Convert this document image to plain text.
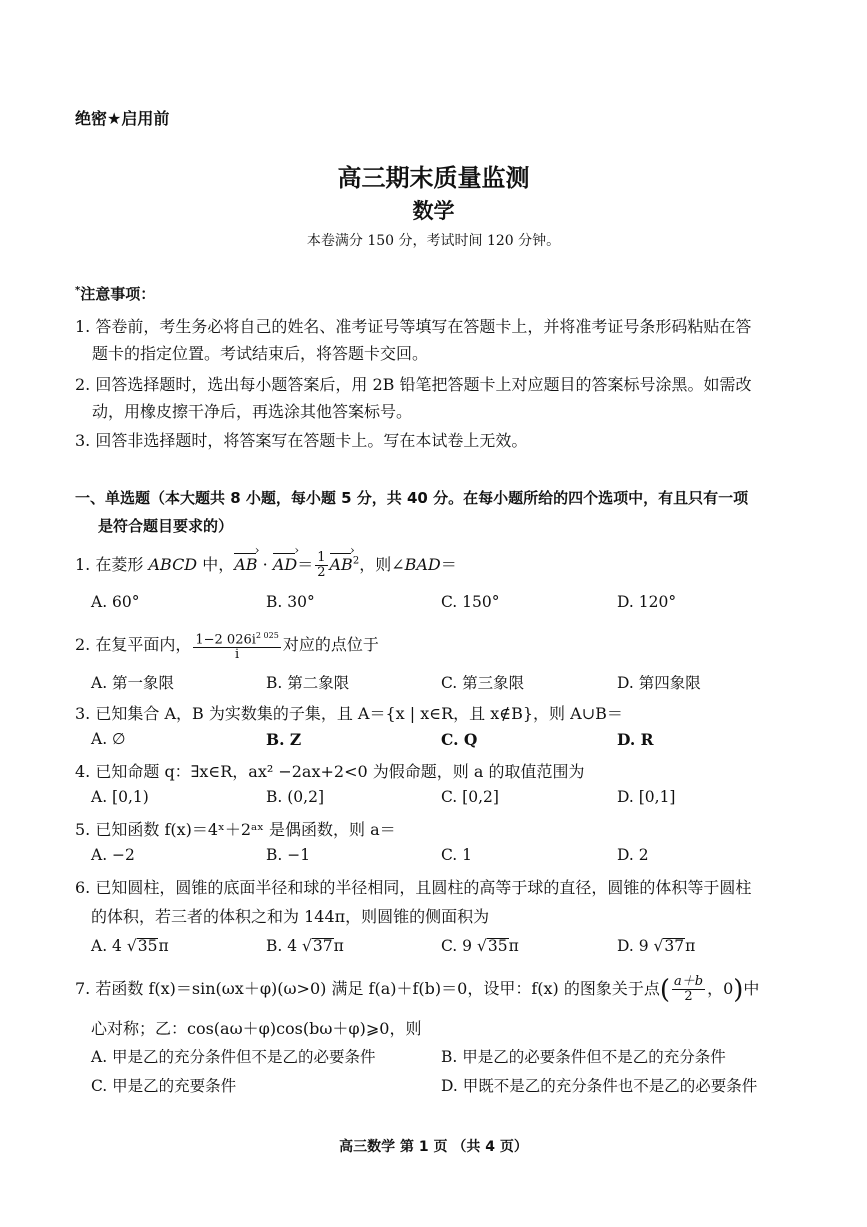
绝密★启用前
高三期末质量监测
数学
本卷满分 150 分，考试时间 120 分钟。
*注意事项：
1. 答卷前，考生务必将自己的姓名、准考证号等填写在答题卡上，并将准考证号条形码粘贴在答
题卡的指定位置。考试结束后，将答题卡交回。
2. 回答选择题时，选出每小题答案后，用 2B 铅笔把答题卡上对应题目的答案标号涂黑。如需改
动，用橡皮擦干净后，再选涂其他答案标号。
3. 回答非选择题时，将答案写在答题卡上。写在本试卷上无效。
一、单选题（本大题共 8 小题，每小题 5 分，共 40 分。在每小题所给的四个选项中，有且只有一项
是符合题目要求的）
1. 在菱形 ABCD 中，AB › · AD ›＝ $\frac{1}{2}$ AB ›$^2$，则∠BAD＝
A. 60°	B. 30°	C. 150°	D. 120°
2. 在复平面内， $\frac{1-2 026i^{2 025}}{i}$ 对应的点位于
A. 第一象限	B. 第二象限	C. 第三象限	D. 第四象限
3. 已知集合 A，B 为实数集的子集，且 A＝{x | x∈R，且 x∉B}，则 A∪B＝
A. ∅	B. Z	C. Q	D. R
4. 已知命题 q：∃x∈R，ax² −2ax+2<0 为假命题，则 a 的取值范围为
A. [0,1)	B. (0,2]	C. [0,2]	D. [0,1]
5. 已知函数 f(x)＝4ˣ＋2ᵃˣ 是偶函数，则 a＝
A. −2	B. −1	C. 1	D. 2
6. 已知圆柱，圆锥的底面半径和球的半径相同，且圆柱的高等于球的直径，圆锥的体积等于圆柱
的体积，若三者的体积之和为 144π，则圆锥的侧面积为
A. 4 √35π	B. 4 √37π	C. 9 √35π	D. 9 √37π
7. 若函数 f(x)＝sin(ωx＋φ)(ω>0) 满足 f(a)＋f(b)＝0，设甲：f(x) 的图象关于点( $\frac{a+b}{2}$ ，0)中
心对称；乙：cos(aω＋φ)cos(bω＋φ)⩾0，则
A. 甲是乙的充分条件但不是乙的必要条件	B. 甲是乙的必要条件但不是乙的充分条件
C. 甲是乙的充要条件	D. 甲既不是乙的充分条件也不是乙的必要条件
高三数学 第 1 页 （共 4 页）
